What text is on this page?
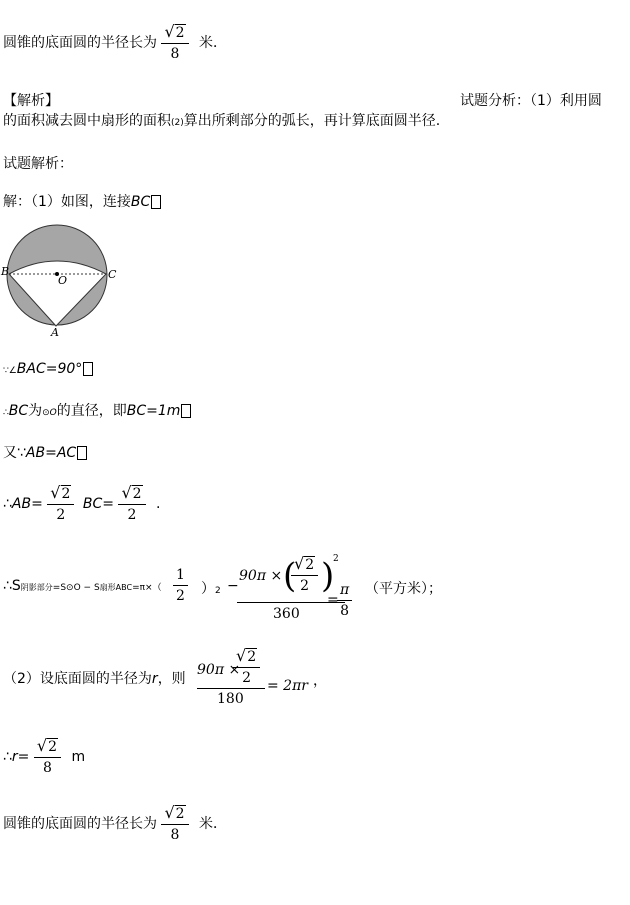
圆锥的底面圆的半径长为 $\frac{√2}{8}$ 米．
【解析】	试题分析：（1）利用圆
的面积减去圆中扇形的面积(2)算出所剩部分的弧长，再计算底面圆半径.
试题解析：
解：（1）如图，连接BC
B	C
O
A
∵∠BAC=90°
∴BC为⊙O的直径，即BC=1m
又∵AB=AC
∴AB= $\frac{√2}{2} BC= \frac{√2}{2}$ .
∴S阴影部分=S⊙O − S扇形$ABC=\pi\times( \frac{1}{2}$ ） 2 −
90π × (
$\frac{√2}{2}$ )
2
360
=
$\frac{\pi}{8}$ （平方米）；
（2）设底面圆的半径为r，则
90π ×
$\frac{√2}{2}$
180
= 2πr ，
∴r= $\frac{√2}{8}$ m
圆锥的底面圆的半径长为 $\frac{√2}{8}$ 米．
